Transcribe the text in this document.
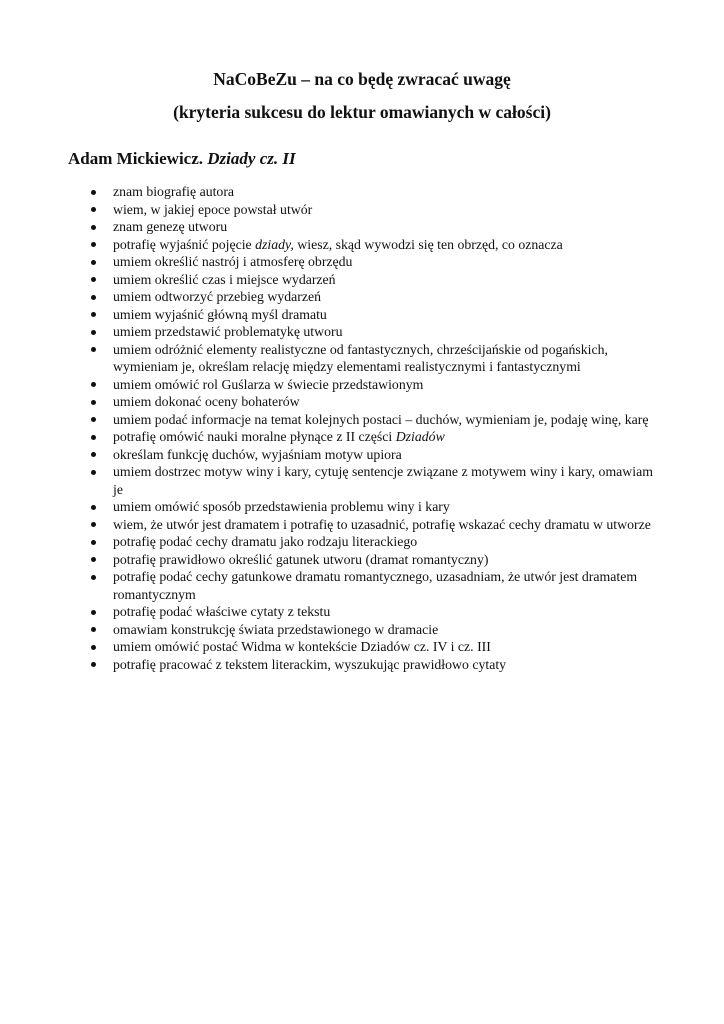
NaCoBeZu – na co będę zwracać uwagę
(kryteria sukcesu do lektur omawianych w całości)
Adam Mickiewicz. Dziady cz. II
znam biografię autora
wiem, w jakiej epoce powstał utwór
znam genezę utworu
potrafię wyjaśnić pojęcie dziady, wiesz, skąd wywodzi się ten obrzęd, co oznacza
umiem określić nastrój i atmosferę obrzędu
umiem określić czas i miejsce wydarzeń
umiem odtworzyć przebieg wydarzeń
umiem wyjaśnić główną myśl dramatu
umiem przedstawić problematykę utworu
umiem odróżnić elementy realistyczne od fantastycznych, chrześcijańskie od pogańskich, wymieniam je, określam relację między elementami realistycznymi i fantastycznymi
umiem omówić rol Guślarza w świecie przedstawionym
umiem dokonać oceny bohaterów
umiem podać informacje na temat kolejnych postaci – duchów, wymieniam je, podaję winę, karę
potrafię omówić nauki moralne płynące z II części Dziadów
określam funkcję duchów, wyjaśniam motyw upiora
umiem dostrzec motyw winy i kary, cytuję sentencje związane z motywem winy i kary, omawiam je
umiem omówić sposób przedstawienia problemu winy i kary
wiem, że utwór jest dramatem i potrafię to uzasadnić, potrafię wskazać cechy dramatu w utworze
potrafię podać cechy dramatu jako rodzaju literackiego
potrafię prawidłowo określić gatunek utworu (dramat romantyczny)
potrafię podać cechy gatunkowe dramatu romantycznego, uzasadniam, że utwór jest dramatem romantycznym
potrafię podać właściwe cytaty z tekstu
omawiam konstrukcję świata przedstawionego w dramacie
umiem omówić postać Widma w kontekście Dziadów cz. IV i cz. III
potrafię pracować z tekstem literackim, wyszukując prawidłowo cytaty
